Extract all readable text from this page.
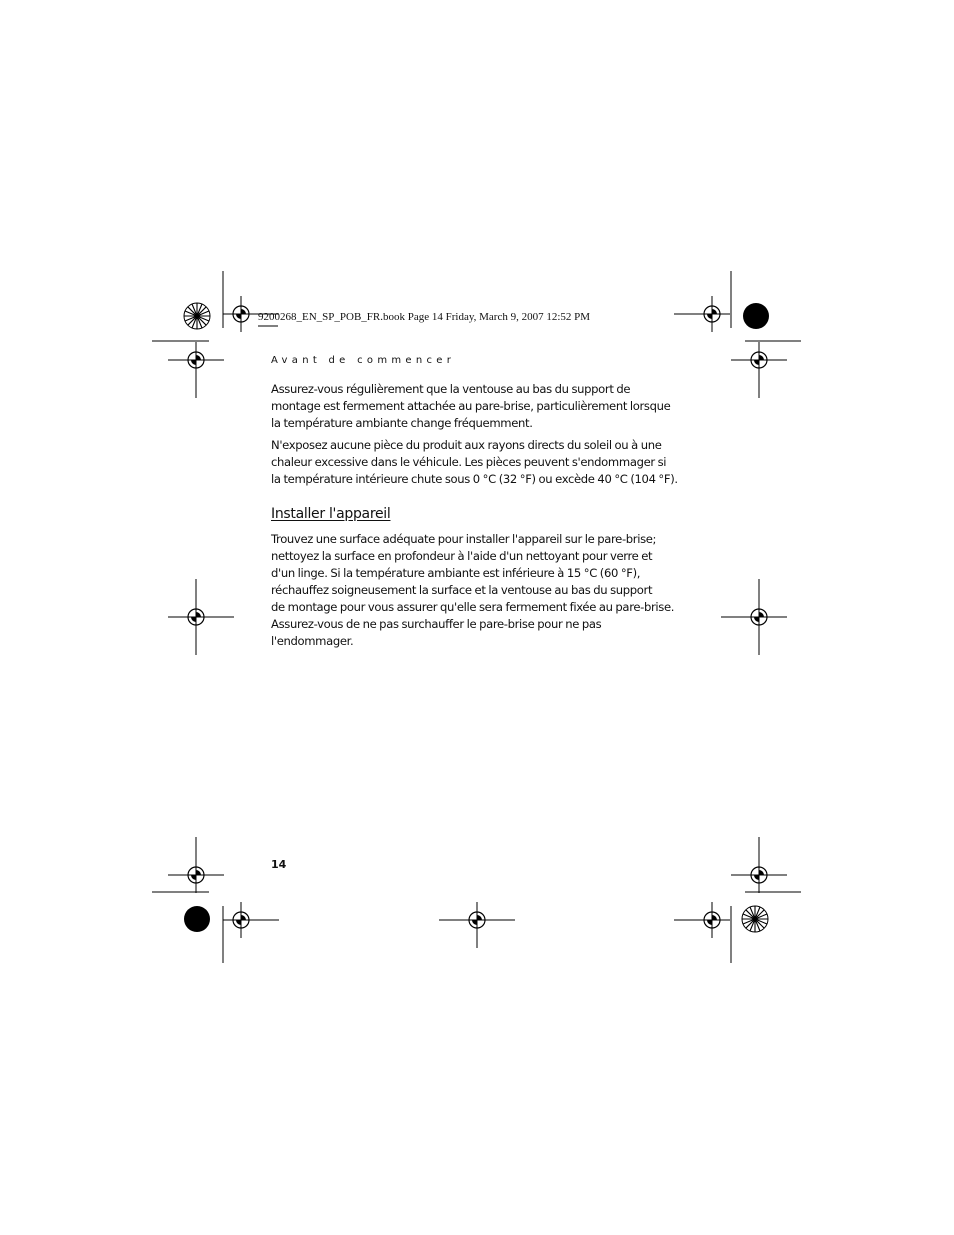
9200268_EN_SP_POB_FR.book Page 14 Friday, March 9, 2007 12:52 PM
Avant de commencer
Assurez-vous régulièrement que la ventouse au bas du support de
montage est fermement attachée au pare-brise, particulièrement lorsque
la température ambiante change fréquemment.
N'exposez aucune pièce du produit aux rayons directs du soleil ou à une
chaleur excessive dans le véhicule. Les pièces peuvent s'endommager si
la température intérieure chute sous 0 °C (32 °F) ou excède 40 °C (104 °F).
Installer l'appareil
Trouvez une surface adéquate pour installer l'appareil sur le pare-brise;
nettoyez la surface en profondeur à l'aide d'un nettoyant pour verre et
d'un linge. Si la température ambiante est inférieure à 15 °C (60 °F),
réchauffez soigneusement la surface et la ventouse au bas du support
de montage pour vous assurer qu'elle sera fermement fixée au pare-brise.
Assurez-vous de ne pas surchauffer le pare-brise pour ne pas
l'endommager.
14
